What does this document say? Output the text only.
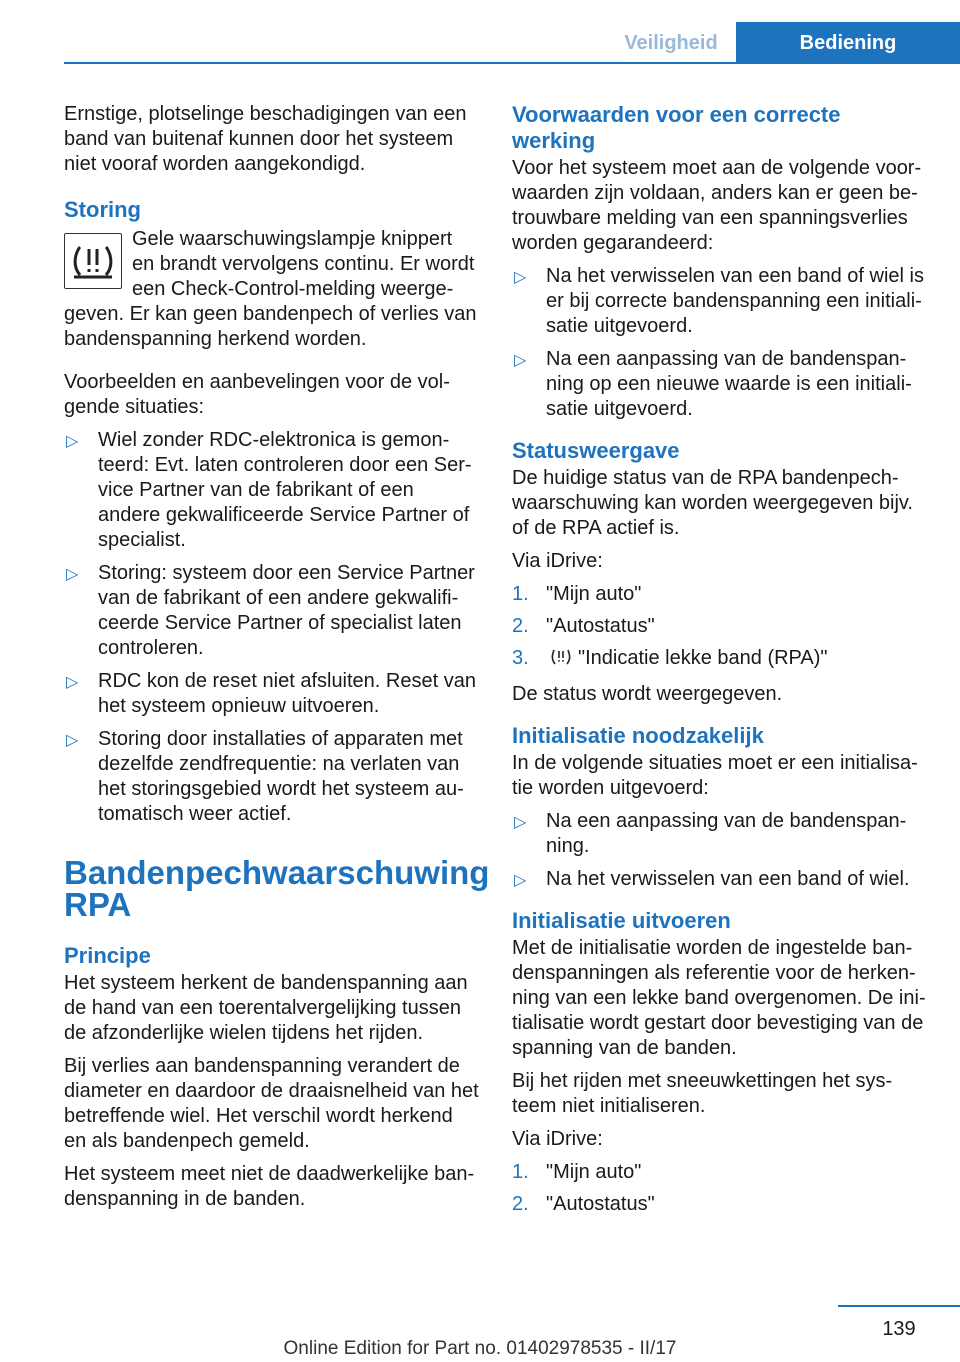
Veiligheid	Bediening

Ernstige, plotselinge beschadigingen van een band van buitenaf kunnen door het systeem niet vooraf worden aangekondigd.

Storing

Gele waarschuwingslampje knippert en brandt vervolgens continu. Er wordt een Check-Control-melding weergegeven. Er kan geen bandenpech of verlies van bandenspanning herkend worden.

Voorbeelden en aanbevelingen voor de volgende situaties:

▷ Wiel zonder RDC-elektronica is gemonteerd: Evt. laten controleren door een Service Partner van de fabrikant of een andere gekwalificeerde Service Partner of specialist.
▷ Storing: systeem door een Service Partner van de fabrikant of een andere gekwalificeerde Service Partner of specialist laten controleren.
▷ RDC kon de reset niet afsluiten. Reset van het systeem opnieuw uitvoeren.
▷ Storing door installaties of apparaten met dezelfde zendfrequentie: na verlaten van het storingsgebied wordt het systeem automatisch weer actief.
Bandenpechwaarschuwing RPA
Principe

Het systeem herkent de bandenspanning aan de hand van een toerentalvergelijking tussen de afzonderlijke wielen tijdens het rijden.

Bij verlies aan bandenspanning verandert de diameter en daardoor de draaisnelheid van het betreffende wiel. Het verschil wordt herkend en als bandenpech gemeld.

Het systeem meet niet de daadwerkelijke bandenspanning in de banden.

Voorwaarden voor een correcte werking

Voor het systeem moet aan de volgende voorwaarden zijn voldaan, anders kan er geen betrouwbare melding van een spanningsverlies worden gegarandeerd:

▷ Na het verwisselen van een band of wiel is er bij correcte bandenspanning een initialisatie uitgevoerd.
▷ Na een aanpassing van de bandenspanning op een nieuwe waarde is een initialisatie uitgevoerd.
Statusweergave

De huidige status van de RPA bandenpechwaarschuwing kan worden weergegeven bijv. of de RPA actief is.

Via iDrive:

1. "Mijn auto"
2. "Autostatus"
3. "Indicatie lekke band (RPA)"

De status wordt weergegeven.

Initialisatie noodzakelijk

In de volgende situaties moet er een initialisatie worden uitgevoerd:

▷ Na een aanpassing van de bandenspanning.
▷ Na het verwisselen van een band of wiel.
Initialisatie uitvoeren

Met de initialisatie worden de ingestelde bandenspanningen als referentie voor de herkenning van een lekke band overgenomen. De initialisatie wordt gestart door bevestiging van de spanning van de banden.

Bij het rijden met sneeuwkettingen het systeem niet initialiseren.

Via iDrive:

1. "Mijn auto"
2. "Autostatus"
139
Online Edition for Part no. 01402978535 - II/17
